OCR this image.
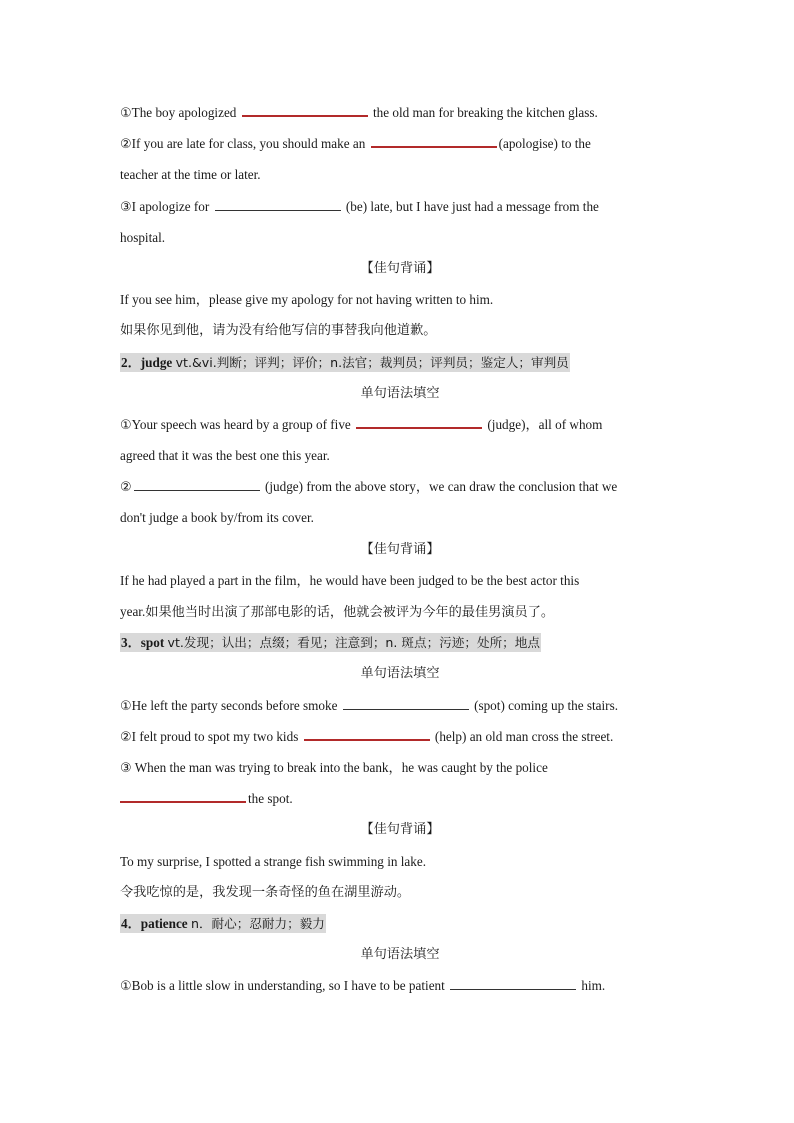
①The boy apologized	the old man for breaking the kitchen glass.
②If you are late for class, you should make an	(apologise) to the
teacher at the time or later.
③I apologize for	(be) late, but I have just had a message from the
hospital.
【佳句背诵】
If you see him，please give my apology for not having written to him.
如果你见到他，请为没有给他写信的事替我向他道歉。
2．judge vt.&vi.判断；评判；评价；n.法官；裁判员；评判员；鉴定人；审判员
单句语法填空
①Your speech was heard by a group of five	(judge)，all of whom
agreed that it was the best one this year.
②	(judge) from the above story，we can draw the conclusion that we
don't judge a book by/from its cover.
【佳句背诵】
If he had played a part in the film，he would have been judged to be the best actor this
year.如果他当时出演了那部电影的话，他就会被评为今年的最佳男演员了。
3．spot vt.发现；认出；点缀；看见；注意到；n. 斑点；污迹；处所；地点
单句语法填空
①He left the party seconds before smoke	(spot) coming up the stairs.
②I felt proud to spot my two kids	(help) an old man cross the street.
③ When the man was trying to break into the bank，he was caught by the police
the spot.
【佳句背诵】
To my surprise, I spotted a strange fish swimming in lake.
令我吃惊的是，我发现一条奇怪的鱼在湖里游动。
4．patience n．耐心；忍耐力；毅力
单句语法填空
①Bob is a little slow in understanding, so I have to be patient	him.
